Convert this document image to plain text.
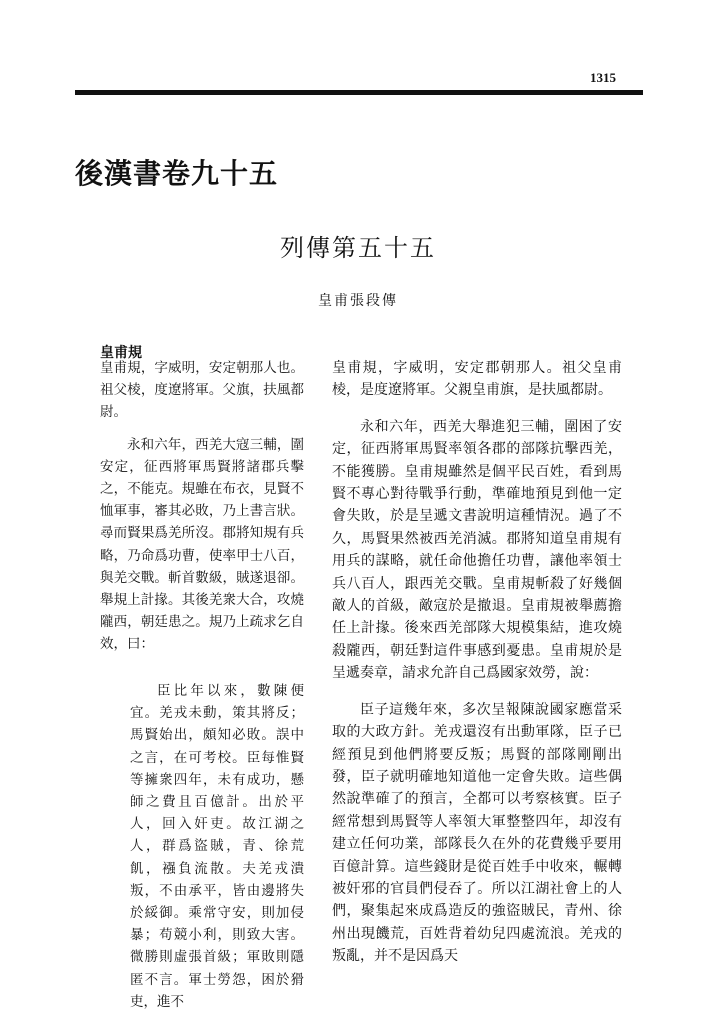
1315
後漢書卷九十五
列傳第五十五
皇甫張段傳
皇甫規

皇甫規，字威明，安定朝那人也。祖父棱，度遼將軍。父旗，扶風都尉。

永和六年，西羌大寇三輔，圍安定，征西將軍馬賢將諸郡兵擊之，不能克。規雖在布衣，見賢不恤軍事，審其必敗，乃上書言狀。尋而賢果爲羌所沒。郡將知規有兵略，乃命爲功曹，使率甲士八百，與羌交戰。斬首數級，賊遂退卻。舉規上計掾。其後羌衆大合，攻燒隴西，朝廷患之。規乃上疏求乞自效，曰：

臣比年以來，數陳便宜。羌戎未動，策其將反；馬賢始出，頗知必敗。誤中之言，在可考校。臣每惟賢等擁衆四年，未有成功，懸師之費且百億計。出於平人，回入奸吏。故江湖之人，群爲盜賊，青、徐荒飢，襁負流散。夫羌戎潰叛，不由承平，皆由邊將失於綏御。乘常守安，則加侵暴；苟競小利，則致大害。微勝則虛張首級；軍敗則隱匿不言。軍士勞怨，困於猾吏，進不

皇甫規，字威明，安定郡朝那人。祖父皇甫棱，是度遼將軍。父親皇甫旗，是扶風都尉。

永和六年，西羌大舉進犯三輔，圍困了安定，征西將軍馬賢率領各郡的部隊抗擊西羌，不能獲勝。皇甫規雖然是個平民百姓，看到馬賢不專心對待戰爭行動，準確地預見到他一定會失敗，於是呈遞文書說明這種情況。過了不久，馬賢果然被西羌消滅。郡將知道皇甫規有用兵的謀略，就任命他擔任功曹，讓他率領士兵八百人，跟西羌交戰。皇甫規斬殺了好幾個敵人的首級，敵寇於是撤退。皇甫規被舉薦擔任上計掾。後來西羌部隊大規模集結，進攻燒殺隴西，朝廷對這件事感到憂患。皇甫規於是呈遞奏章，請求允許自己爲國家效勞，說：

臣子這幾年來，多次呈報陳說國家應當采取的大政方針。羌戎還沒有出動軍隊，臣子已經預見到他們將要反叛；馬賢的部隊剛剛出發，臣子就明確地知道他一定會失敗。這些偶然說準確了的預言，全都可以考察核實。臣子經常想到馬賢等人率領大軍整整四年，却沒有建立任何功業，部隊長久在外的花費幾乎要用百億計算。這些錢財是從百姓手中收來，輾轉被奸邪的官員們侵吞了。所以江湖社會上的人們，聚集起來成爲造反的強盜賊民，青州、徐州出現饑荒，百姓背着幼兒四處流浪。羌戎的叛亂，并不是因爲天
